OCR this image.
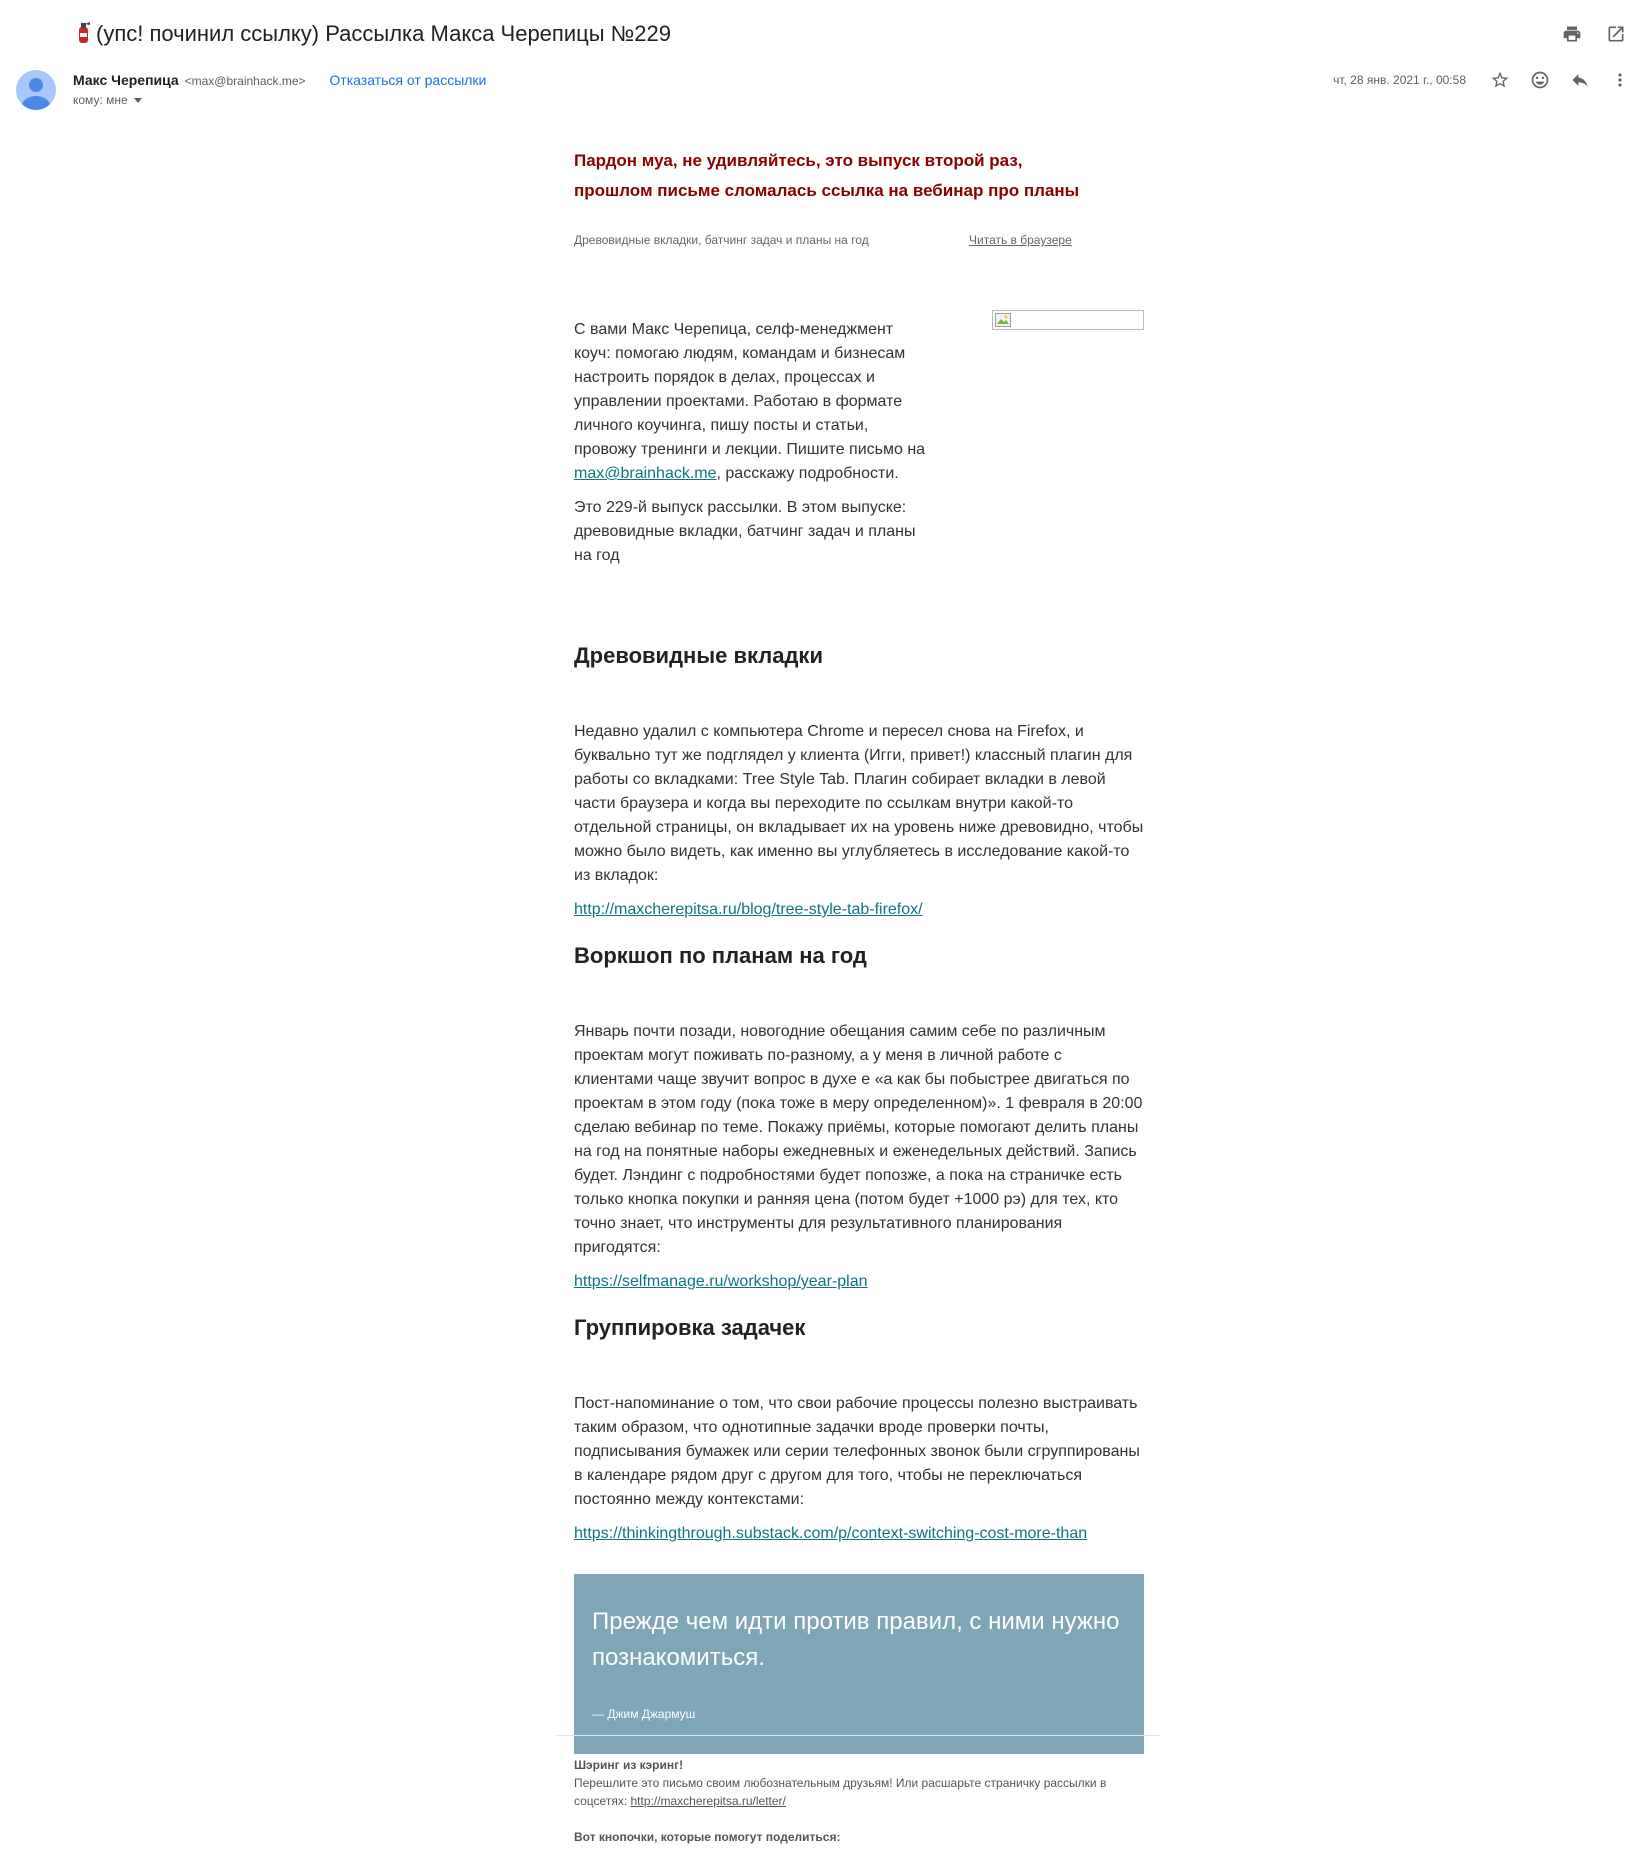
(упс! починил ссылку) Рассылка Макса Черепицы №229
Макс Черепица <max@brainhack.me> Отказаться от рассылки
кому: мне
чт, 28 янв. 2021 г., 00:58
Пардон муа, не удивляйтесь, это выпуск второй раз,
прошлом письме сломалась ссылка на вебинар про планы
Древовидные вкладки, батчинг задач и планы на год	Читать в браузере

С вами Макс Черепица, селф-менеджмент коуч: помогаю людям, командам и бизнесам настроить порядок в делах, процессах и управлении проектами. Работаю в формате личного коучинга, пишу посты и статьи, провожу тренинги и лекции. Пишите письмо на max@brainhack.me, расскажу подробности.

Это 229-й выпуск рассылки. В этом выпуске: древовидные вкладки, батчинг задач и планы на год

Древовидные вкладки

Недавно удалил с компьютера Chrome и пересел снова на Firefox, и буквально тут же подглядел у клиента (Игги, привет!) классный плагин для работы со вкладками: Tree Style Tab. Плагин собирает вкладки в левой части браузера и когда вы переходите по ссылкам внутри какой-то отдельной страницы, он вкладывает их на уровень ниже древовидно, чтобы можно было видеть, как именно вы углубляетесь в исследование какой-то из вкладок:

http://maxcherepitsa.ru/blog/tree-style-tab-firefox/

Воркшоп по планам на год

Январь почти позади, новогодние обещания самим себе по различным проектам могут поживать по-разному, а у меня в личной работе с клиентами чаще звучит вопрос в духе е «а как бы побыстрее двигаться по проектам в этом году (пока тоже в меру определенном)». 1 февраля в 20:00 сделаю вебинар по теме. Покажу приёмы, которые помогают делить планы на год на понятные наборы ежедневных и еженедельных действий. Запись будет. Лэндинг с подробностями будет попозже, а пока на страничке есть только кнопка покупки и ранняя цена (потом будет +1000 рэ) для тех, кто точно знает, что инструменты для результативного планирования пригодятся:

https://selfmanage.ru/workshop/year-plan

Группировка задачек

Пост-напоминание о том, что свои рабочие процессы полезно выстраивать таким образом, что однотипные задачки вроде проверки почты, подписывания бумажек или серии телефонных звонок были сгруппированы в календаре рядом друг с другом для того, чтобы не переключаться постоянно между контекстами:

https://thinkingthrough.substack.com/p/context-switching-cost-more-than

Прежде чем идти против правил, с ними нужно познакомиться.
— Джим Джармуш
Шэринг из кэринг!
Перешлите это письмо своим любознательным друзьям! Или расшарьте страничку рассылки в соцсетях: http://maxcherepitsa.ru/letter/
Вот кнопочки, которые помогут поделиться:
